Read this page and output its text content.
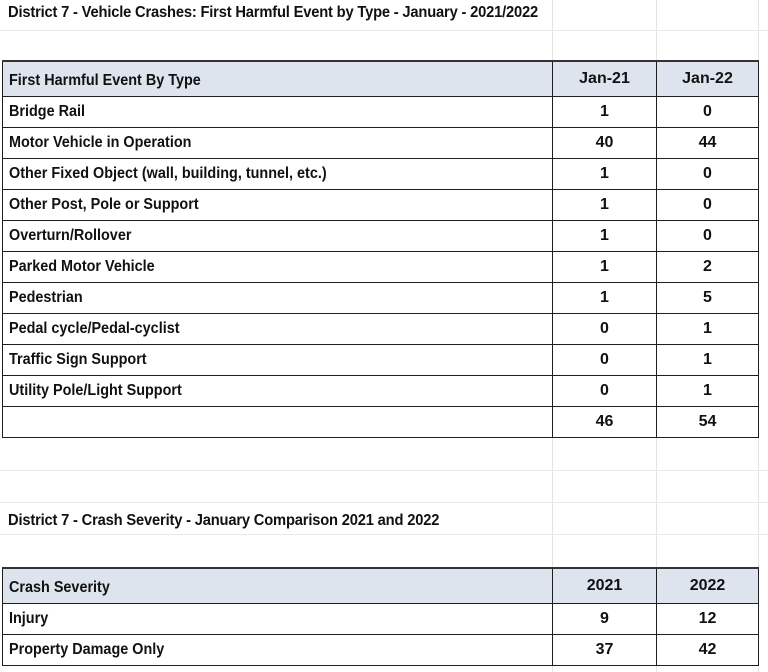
District 7 - Vehicle Crashes: First Harmful Event by Type - January - 2021/2022
First Harmful Event By Type	Jan-21	Jan-22
Bridge Rail	1	0
Motor Vehicle in Operation	40	44
Other Fixed Object (wall, building, tunnel, etc.)	1	0
Other Post, Pole or Support	1	0
Overturn/Rollover	1	0
Parked Motor Vehicle	1	2
Pedestrian	1	5
Pedal cycle/Pedal-cyclist	0	1
Traffic Sign Support	0	1
Utility Pole/Light Support	0	1
	46	54
District 7 - Crash Severity - January Comparison 2021 and 2022
Crash Severity	2021	2022
Injury	9	12
Property Damage Only	37	42
